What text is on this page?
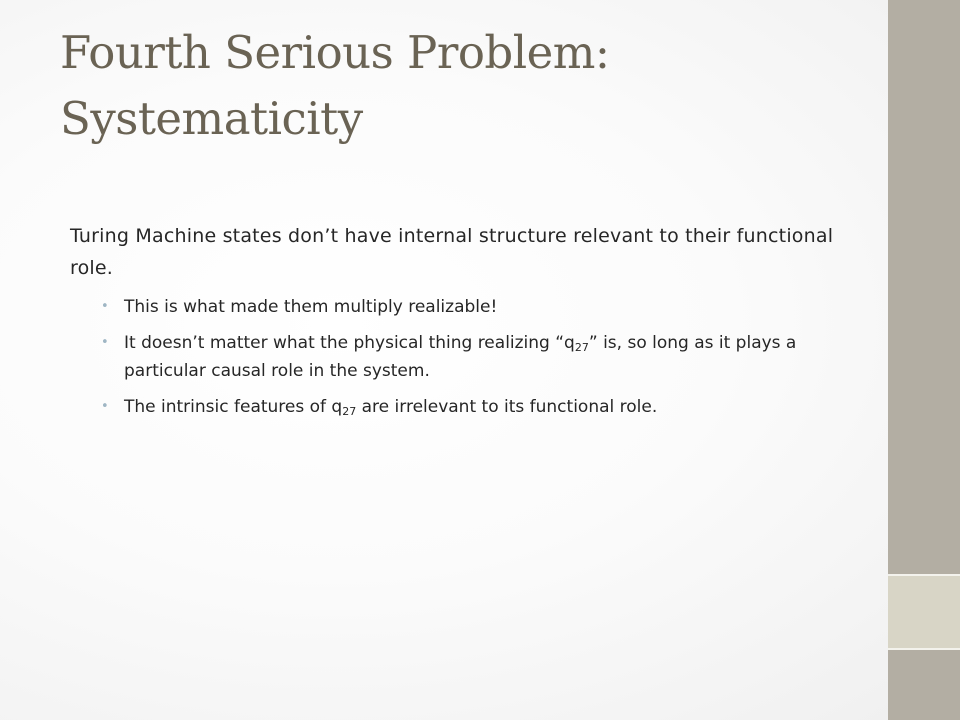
Fourth Serious Problem:
Systematicity

Turing Machine states don’t have internal structure relevant to their functional role.

• This is what made them multiply realizable!
• It doesn’t matter what the physical thing realizing “$q_{27}$” is, so long as it plays a particular causal role in the system.
• The intrinsic features of $q_{27}$ are irrelevant to its functional role.
